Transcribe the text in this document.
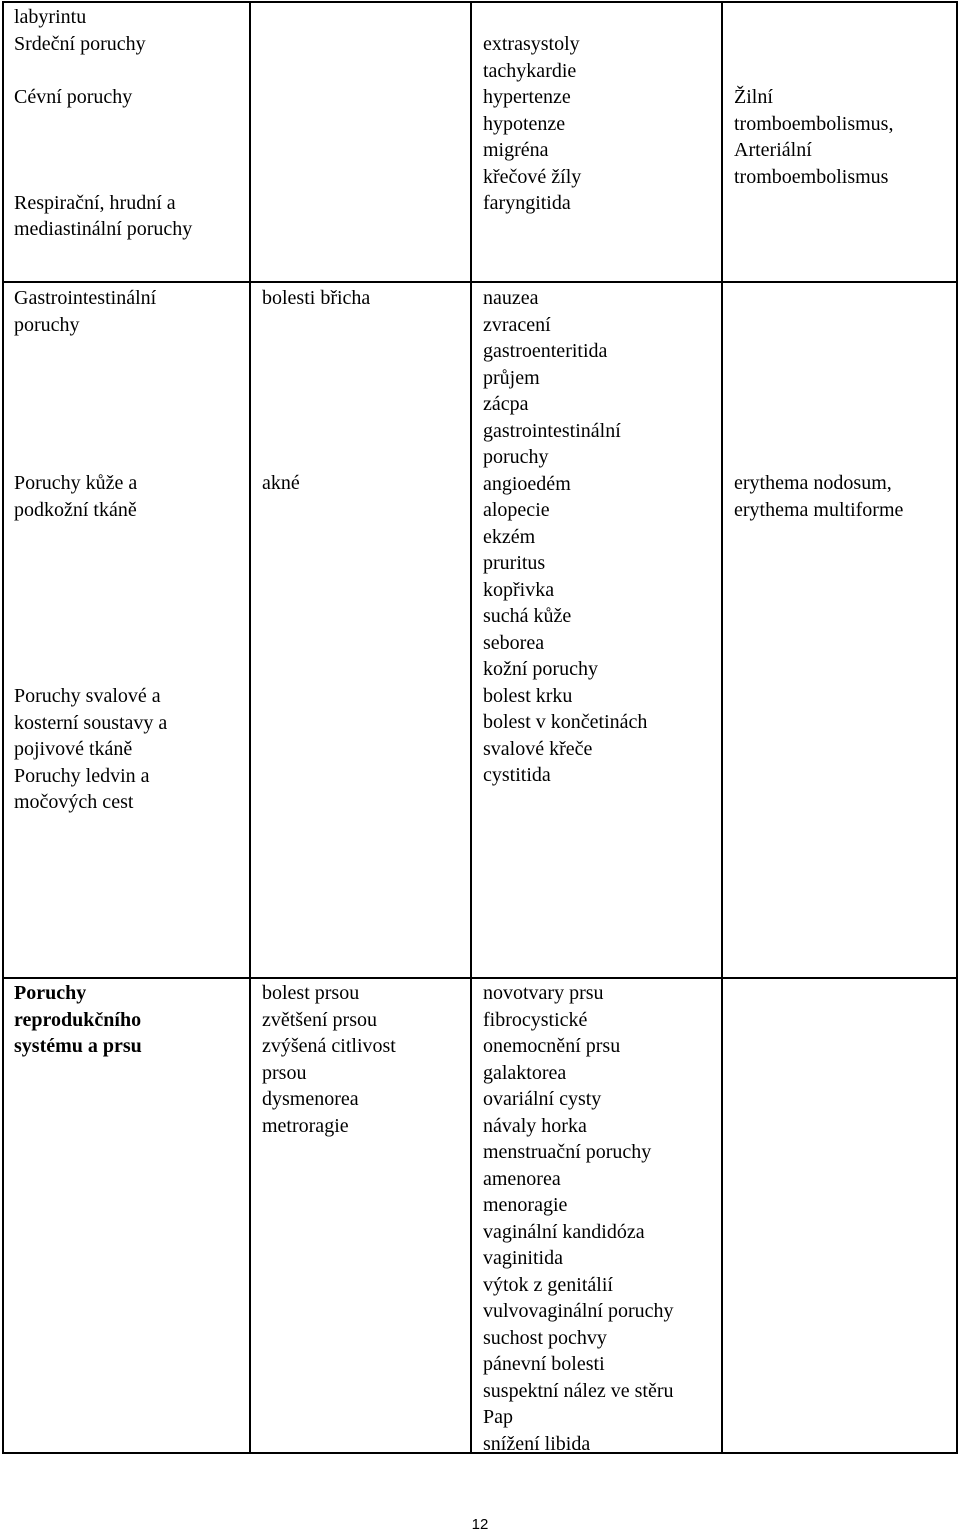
labyrintu
Srdeční poruchy

Cévní poruchy

Respirační, hrudní a
mediastinální poruchy
extrasystoly
tachykardie
hypertenze
hypotenze
migréna
křečové žíly
faryngitida
Žilní
tromboembolismus,
Arteriální
tromboembolismus
Gastrointestinální
poruchy
Poruchy kůže a
podkožní tkáně
Poruchy svalové a
kosterní soustavy a
pojivové tkáně
Poruchy ledvin a
močových cest
bolesti břicha
akné
nauzea
zvracení
gastroenteritida
průjem
zácpa
gastrointestinální
poruchy
angioedém
alopecie
ekzém
pruritus
kopřivka
suchá kůže
seborea
kožní poruchy
bolest krku
bolest v končetinách
svalové křeče
cystitida
erythema nodosum,
erythema multiforme
Poruchy
reprodukčního
systému a prsu
bolest prsou
zvětšení prsou
zvýšená citlivost
prsou
dysmenorea
metroragie
novotvary prsu
fibrocystické
onemocnění prsu
galaktorea
ovariální cysty
návaly horka
menstruační poruchy
amenorea
menoragie
vaginální kandidóza
vaginitida
výtok z genitálií
vulvovaginální poruchy
suchost pochvy
pánevní bolesti
suspektní nález ve stěru
Pap
snížení libida
12
